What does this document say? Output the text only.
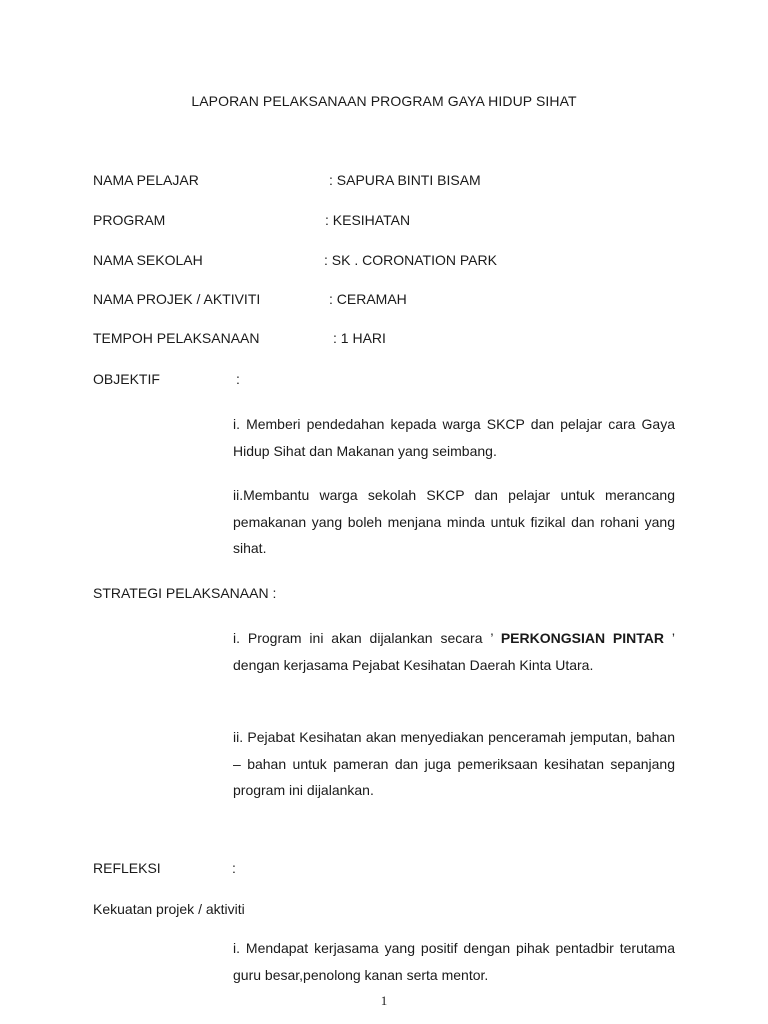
LAPORAN PELAKSANAAN PROGRAM GAYA HIDUP SIHAT
NAMA PELAJAR	: SAPURA BINTI BISAM
PROGRAM	: KESIHATAN
NAMA SEKOLAH	: SK . CORONATION PARK
NAMA PROJEK / AKTIVITI	: CERAMAH
TEMPOH PELAKSANAAN	: 1 HARI
OBJEKTIF	:
i. Memberi pendedahan kepada warga SKCP dan pelajar cara Gaya Hidup Sihat dan Makanan yang seimbang.
ii.Membantu warga sekolah SKCP dan pelajar untuk merancang pemakanan yang boleh menjana minda untuk fizikal dan rohani yang sihat.
STRATEGI PELAKSANAAN :
i. Program ini akan dijalankan secara ’ PERKONGSIAN PINTAR ’ dengan kerjasama Pejabat Kesihatan Daerah Kinta Utara.
ii. Pejabat Kesihatan akan menyediakan penceramah jemputan, bahan – bahan untuk pameran dan juga pemeriksaan kesihatan sepanjang program ini dijalankan.
REFLEKSI	:
Kekuatan projek / aktiviti
i. Mendapat kerjasama yang positif dengan pihak pentadbir terutama guru besar,penolong kanan serta mentor.
1
